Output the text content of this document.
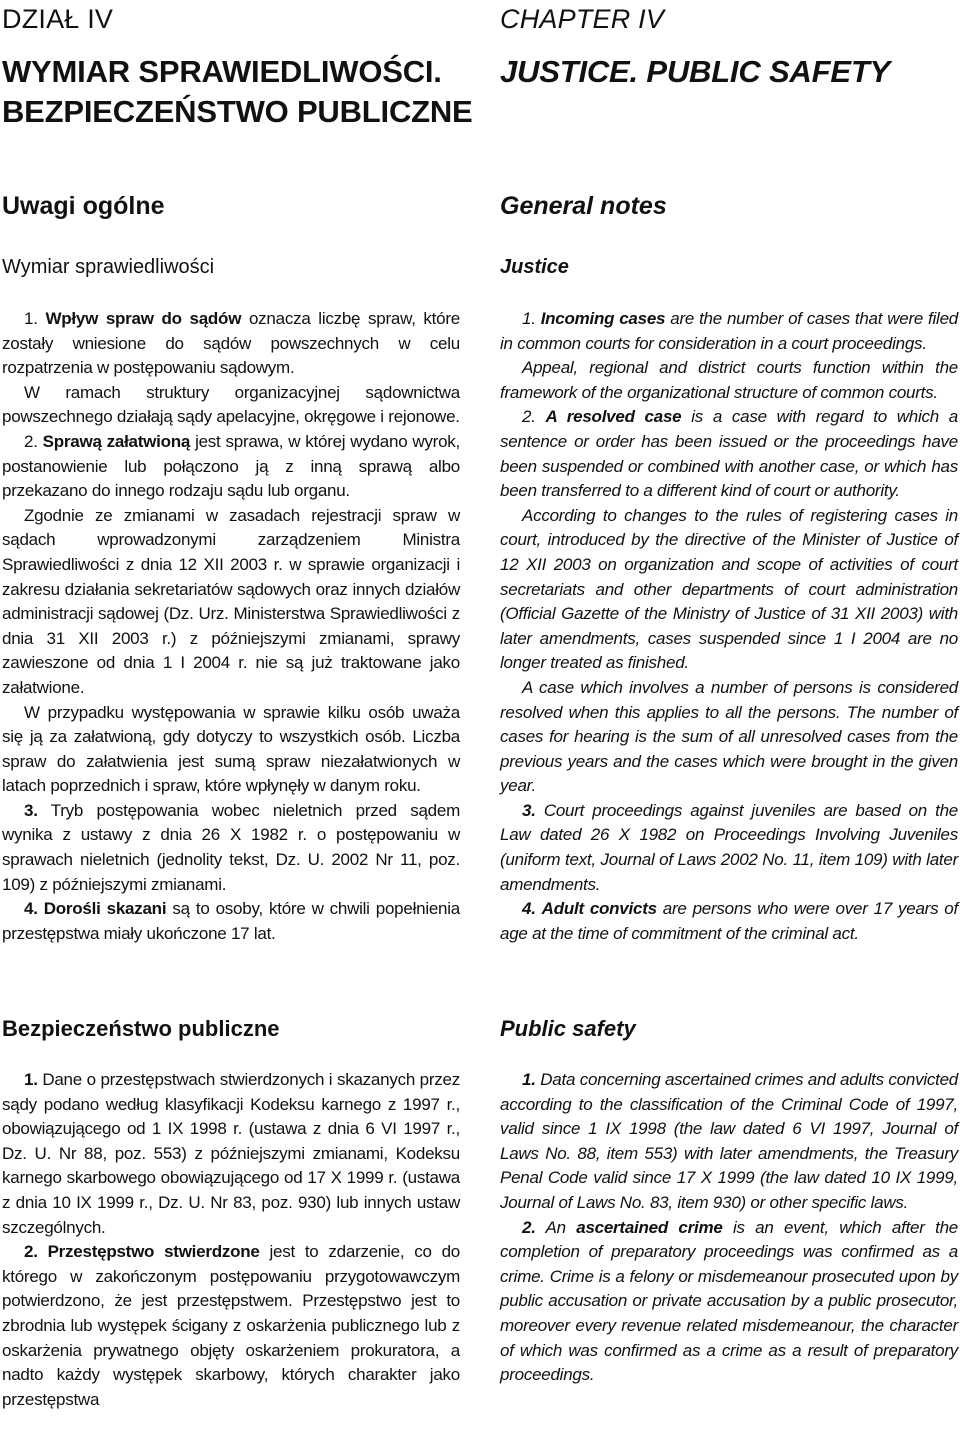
DZIAŁ IV
WYMIAR SPRAWIEDLIWOŚCI.
BEZPIECZEŃSTWO PUBLICZNE
Uwagi ogólne
Wymiar sprawiedliwości

1. Wpływ spraw do sądów oznacza liczbę spraw, które zostały wniesione do sądów powszechnych w celu rozpatrzenia w postępowaniu sądowym.

W ramach struktury organizacyjnej sądownictwa powszechnego działają sądy apelacyjne, okręgowe i rejonowe.

2. Sprawą załatwioną jest sprawa, w której wydano wyrok, postanowienie lub połączono ją z inną sprawą albo przekazano do innego rodzaju sądu lub organu.

Zgodnie ze zmianami w zasadach rejestracji spraw w sądach wprowadzonymi zarządzeniem Ministra Sprawiedliwości z dnia 12 XII 2003 r. w sprawie organizacji i zakresu działania sekretariatów sądowych oraz innych działów administracji sądowej (Dz. Urz. Ministerstwa Sprawiedliwości z dnia 31 XII 2003 r.) z późniejszymi zmianami, sprawy zawieszone od dnia 1 I 2004 r. nie są już traktowane jako załatwione.

W przypadku występowania w sprawie kilku osób uważa się ją za załatwioną, gdy dotyczy to wszystkich osób. Liczba spraw do załatwienia jest sumą spraw niezałatwionych w latach poprzednich i spraw, które wpłynęły w danym roku.

3. Tryb postępowania wobec nieletnich przed sądem wynika z ustawy z dnia 26 X 1982 r. o postępowaniu w sprawach nieletnich (jednolity tekst, Dz. U. 2002 Nr 11, poz. 109) z późniejszymi zmianami.

4. Dorośli skazani są to osoby, które w chwili popełnienia przestępstwa miały ukończone 17 lat.

Bezpieczeństwo publiczne

1. Dane o przestępstwach stwierdzonych i skazanych przez sądy podano według klasyfikacji Kodeksu karnego z 1997 r., obowiązującego od 1 IX 1998 r. (ustawa z dnia 6 VI 1997 r., Dz. U. Nr 88, poz. 553) z późniejszymi zmianami, Kodeksu karnego skarbowego obowiązującego od 17 X 1999 r. (ustawa z dnia 10 IX 1999 r., Dz. U. Nr 83, poz. 930) lub innych ustaw szczególnych.

2. Przestępstwo stwierdzone jest to zdarzenie, co do którego w zakończonym postępowaniu przygotowawczym potwierdzono, że jest przestępstwem. Przestępstwo jest to zbrodnia lub występek ścigany z oskarżenia publicznego lub z oskarżenia prywatnego objęty oskarżeniem prokuratora, a nadto każdy występek skarbowy, których charakter jako przestępstwa

CHAPTER IV
JUSTICE. PUBLIC SAFETY
General notes
Justice

1. Incoming cases are the number of cases that were filed in common courts for consideration in a court proceedings.

Appeal, regional and district courts function within the framework of the organizational structure of common courts.

2. A resolved case is a case with regard to which a sentence or order has been issued or the proceedings have been suspended or combined with another case, or which has been transferred to a different kind of court or authority.

According to changes to the rules of registering cases in court, introduced by the directive of the Minister of Justice of 12 XII 2003 on organization and scope of activities of court secretariats and other departments of court administration (Official Gazette of the Ministry of Justice of 31 XII 2003) with later amendments, cases suspended since 1 I 2004 are no longer treated as finished.

A case which involves a number of persons is considered resolved when this applies to all the persons. The number of cases for hearing is the sum of all unresolved cases from the previous years and the cases which were brought in the given year.

3. Court proceedings against juveniles are based on the Law dated 26 X 1982 on Proceedings Involving Juveniles (uniform text, Journal of Laws 2002 No. 11, item 109) with later amendments.

4. Adult convicts are persons who were over 17 years of age at the time of commitment of the criminal act.

Public safety

1. Data concerning ascertained crimes and adults convicted according to the classification of the Criminal Code of 1997, valid since 1 IX 1998 (the law dated 6 VI 1997, Journal of Laws No. 88, item 553) with later amendments, the Treasury Penal Code valid since 17 X 1999 (the law dated 10 IX 1999, Journal of Laws No. 83, item 930) or other specific laws.

2. An ascertained crime is an event, which after the completion of preparatory proceedings was confirmed as a crime. Crime is a felony or misdemeanour prosecuted upon by public accusation or private accusation by a public prosecutor, moreover every revenue related misdemeanour, the character of which was confirmed as a crime as a result of preparatory proceedings.
